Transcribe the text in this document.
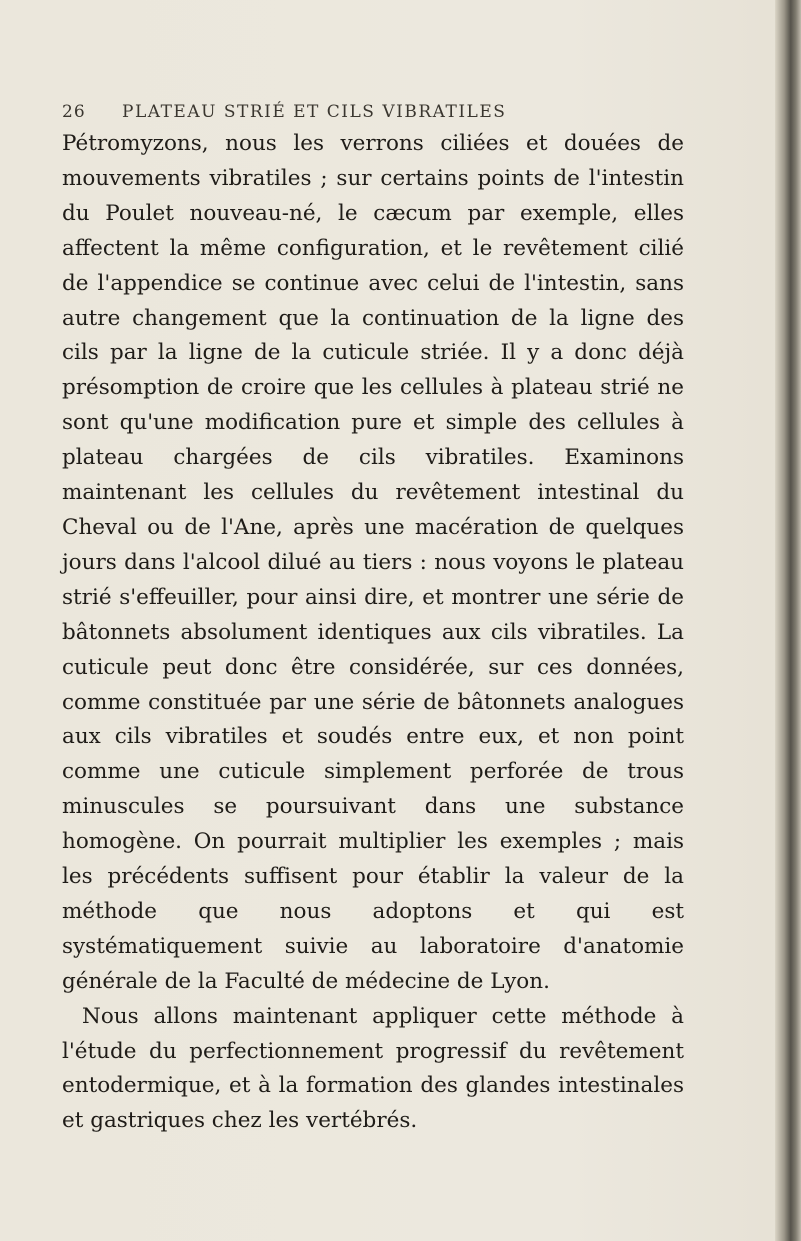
26 PLATEAU STRIÉ ET CILS VIBRATILES

Pétromyzons, nous les verrons ciliées et douées de mouvements vibratiles ; sur certains points de l'intestin du Poulet nouveau-né, le cæcum par exemple, elles affectent la même configuration, et le revêtement cilié de l'appendice se continue avec celui de l'intestin, sans autre changement que la continuation de la ligne des cils par la ligne de la cuticule striée. Il y a donc déjà présomption de croire que les cellules à plateau strié ne sont qu'une modification pure et simple des cellules à plateau chargées de cils vibratiles. Examinons maintenant les cellules du revêtement intestinal du Cheval ou de l'Ane, après une macération de quelques jours dans l'alcool dilué au tiers : nous voyons le plateau strié s'effeuiller, pour ainsi dire, et montrer une série de bâtonnets absolument identiques aux cils vibratiles. La cuticule peut donc être considérée, sur ces données, comme constituée par une série de bâtonnets analogues aux cils vibratiles et soudés entre eux, et non point comme une cuticule simplement perforée de trous minuscules se poursuivant dans une substance homogène. On pourrait multiplier les exemples ; mais les précédents suffisent pour établir la valeur de la méthode que nous adoptons et qui est systématiquement suivie au laboratoire d'anatomie générale de la Faculté de médecine de Lyon.

Nous allons maintenant appliquer cette méthode à l'étude du perfectionnement progressif du revêtement entodermique, et à la formation des glandes intestinales et gastriques chez les vertébrés.
